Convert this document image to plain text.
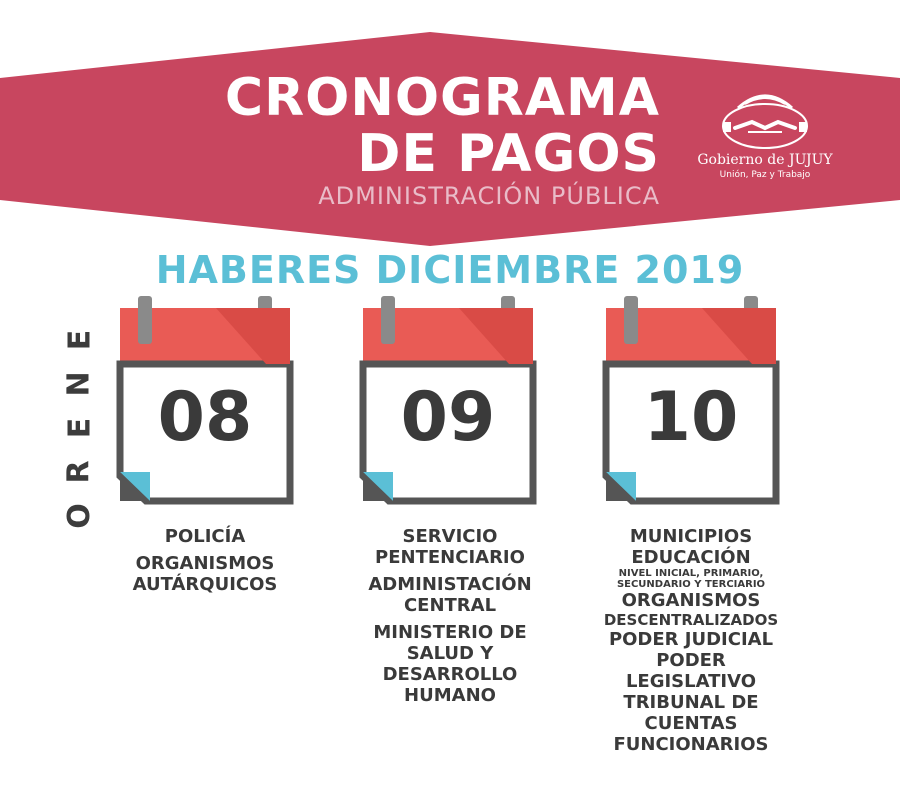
CRONOGRAMA
DE PAGOS
ADMINISTRACIÓN PÚBLICA
Gobierno de JUJUY
Unión, Paz y Trabajo
HABERES DICIEMBRE 2019
E
N
E
R
O
08	09	10
POLICÍA
ORGANISMOS
AUTÁRQUICOS
SERVICIO
PENTENCIARIO
ADMINISTACIÓN
CENTRAL
MINISTERIO DE
SALUD Y
DESARROLLO
HUMANO
MUNICIPIOS
EDUCACIÓN
NIVEL INICIAL, PRIMARIO,
SECUNDARIO Y TERCIARIO
ORGANISMOS
DESCENTRALIZADOS
PODER JUDICIAL
PODER
LEGISLATIVO
TRIBUNAL DE
CUENTAS
FUNCIONARIOS
